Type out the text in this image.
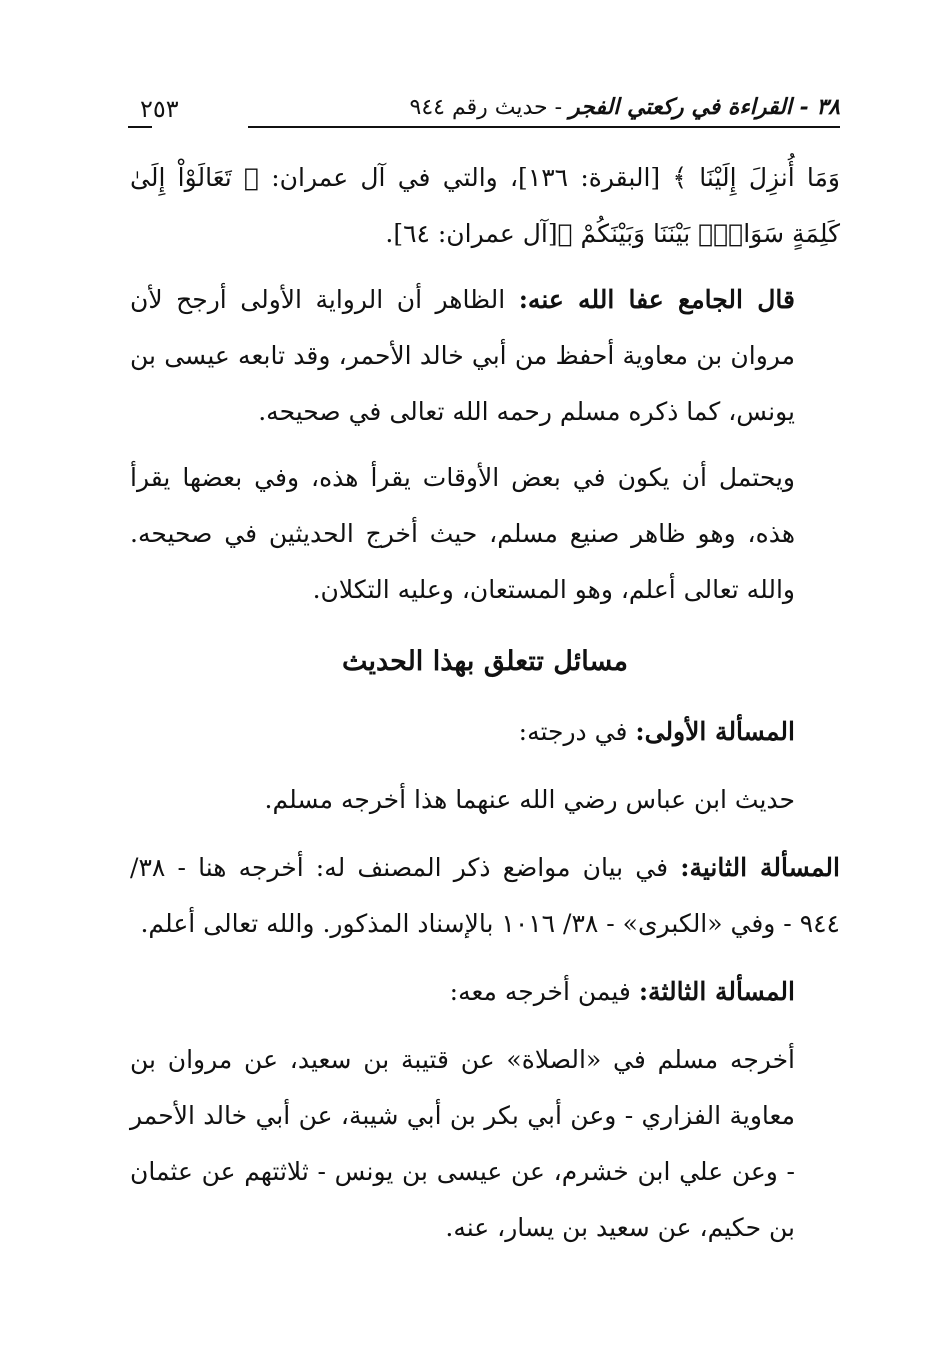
٣٨ - القراءة في ركعتي الفجر - حديث رقم ٩٤٤
٢٥٣

وَمَا أُنزِلَ إِلَيْنَا ﴾ [البقرة: ١٣٦]، والتي في آل عمران: ﴿ تَعَالَوْاْ إِلَىٰ كَلِمَةٍ سَوَاءِۭ بَيْنَنَا وَبَيْنَكُمْ ﴾[آل عمران: ٦٤].

قال الجامع عفا الله عنه: الظاهر أن الرواية الأولى أرجح لأن مروان بن معاوية أحفظ من أبي خالد الأحمر، وقد تابعه عيسى بن يونس، كما ذكره مسلم رحمه الله تعالى في صحيحه.

ويحتمل أن يكون في بعض الأوقات يقرأ هذه، وفي بعضها يقرأ هذه، وهو ظاهر صنيع مسلم، حيث أخرج الحديثين في صحيحه. والله تعالى أعلم، وهو المستعان، وعليه التكلان.

مسائل تتعلق بهذا الحديث

المسألة الأولى: في درجته:

حديث ابن عباس رضي الله عنهما هذا أخرجه مسلم.

المسألة الثانية: في بيان مواضع ذكر المصنف له: أخرجه هنا - ٣٨/ ٩٤٤ - وفي «الكبرى» - ٣٨/ ١٠١٦ بالإسناد المذكور. والله تعالى أعلم.

المسألة الثالثة: فيمن أخرجه معه:

أخرجه مسلم في «الصلاة» عن قتيبة بن سعيد، عن مروان بن معاوية الفزاري - وعن أبي بكر بن أبي شيبة، عن أبي خالد الأحمر - وعن علي ابن خشرم، عن عيسى بن يونس - ثلاثتهم عن عثمان بن حكيم، عن سعيد بن يسار، عنه.
